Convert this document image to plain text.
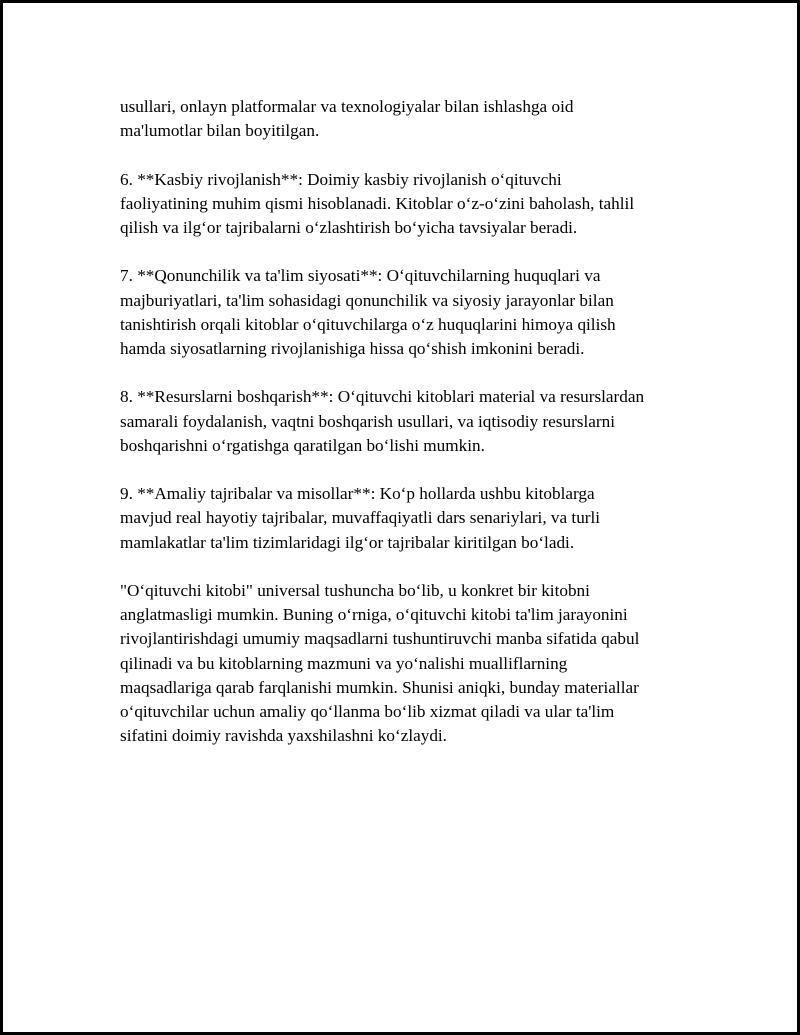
usullari, onlayn platformalar va texnologiyalar bilan ishlashga oid
ma'lumotlar bilan boyitilgan.

6. **Kasbiy rivojlanish**: Doimiy kasbiy rivojlanish o‘qituvchi
faoliyatining muhim qismi hisoblanadi. Kitoblar o‘z-o‘zini baholash, tahlil
qilish va ilg‘or tajribalarni o‘zlashtirish bo‘yicha tavsiyalar beradi.

7. **Qonunchilik va ta'lim siyosati**: O‘qituvchilarning huquqlari va
majburiyatlari, ta'lim sohasidagi qonunchilik va siyosiy jarayonlar bilan
tanishtirish orqali kitoblar o‘qituvchilarga o‘z huquqlarini himoya qilish
hamda siyosatlarning rivojlanishiga hissa qo‘shish imkonini beradi.

8. **Resurslarni boshqarish**: O‘qituvchi kitoblari material va resurslardan
samarali foydalanish, vaqtni boshqarish usullari, va iqtisodiy resurslarni
boshqarishni o‘rgatishga qaratilgan bo‘lishi mumkin.

9. **Amaliy tajribalar va misollar**: Ko‘p hollarda ushbu kitoblarga
mavjud real hayotiy tajribalar, muvaffaqiyatli dars senariylari, va turli
mamlakatlar ta'lim tizimlaridagi ilg‘or tajribalar kiritilgan bo‘ladi.

"O‘qituvchi kitobi" universal tushuncha bo‘lib, u konkret bir kitobni
anglatmasligi mumkin. Buning o‘rniga, o‘qituvchi kitobi ta'lim jarayonini
rivojlantirishdagi umumiy maqsadlarni tushuntiruvchi manba sifatida qabul
qilinadi va bu kitoblarning mazmuni va yo‘nalishi mualliflarning
maqsadlariga qarab farqlanishi mumkin. Shunisi aniqki, bunday materiallar
o‘qituvchilar uchun amaliy qo‘llanma bo‘lib xizmat qiladi va ular ta'lim
sifatini doimiy ravishda yaxshilashni ko‘zlaydi.
